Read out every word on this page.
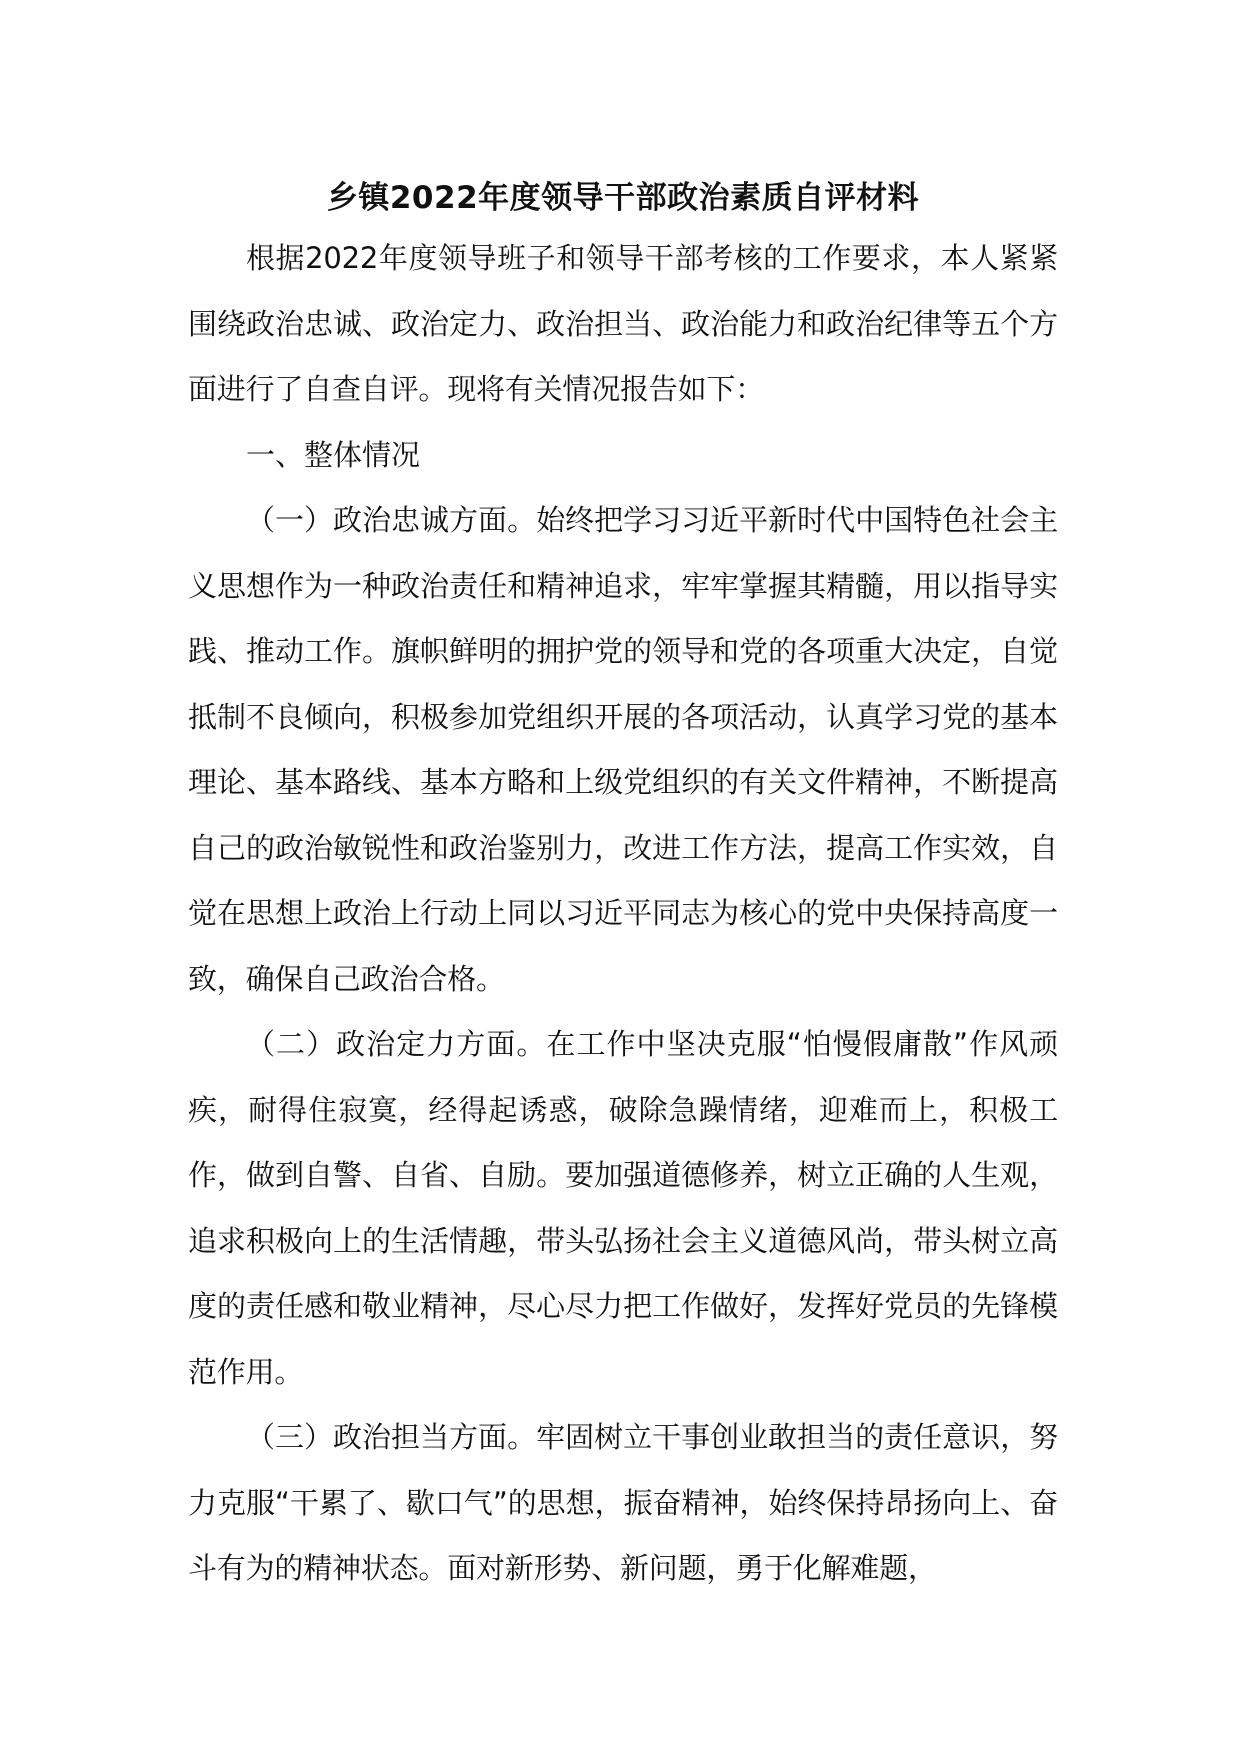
乡镇2022年度领导干部政治素质自评材料

根据2022年度领导班子和领导干部考核的工作要求，本人紧紧围绕政治忠诚、政治定力、政治担当、政治能力和政治纪律等五个方面进行了自查自评。现将有关情况报告如下：

一、整体情况

（一）政治忠诚方面。始终把学习习近平新时代中国特色社会主义思想作为一种政治责任和精神追求，牢牢掌握其精髓，用以指导实践、推动工作。旗帜鲜明的拥护党的领导和党的各项重大决定，自觉抵制不良倾向，积极参加党组织开展的各项活动，认真学习党的基本理论、基本路线、基本方略和上级党组织的有关文件精神，不断提高自己的政治敏锐性和政治鉴别力，改进工作方法，提高工作实效，自觉在思想上政治上行动上同以习近平同志为核心的党中央保持高度一致，确保自己政治合格。

（二）政治定力方面。在工作中坚决克服“怕慢假庸散”作风顽疾，耐得住寂寞，经得起诱惑，破除急躁情绪，迎难而上，积极工作，做到自警、自省、自励。要加强道德修养，树立正确的人生观，追求积极向上的生活情趣，带头弘扬社会主义道德风尚，带头树立高度的责任感和敬业精神，尽心尽力把工作做好，发挥好党员的先锋模范作用。

（三）政治担当方面。牢固树立干事创业敢担当的责任意识，努力克服“干累了、歇口气”的思想，振奋精神，始终保持昂扬向上、奋斗有为的精神状态。面对新形势、新问题，勇于化解难题，
